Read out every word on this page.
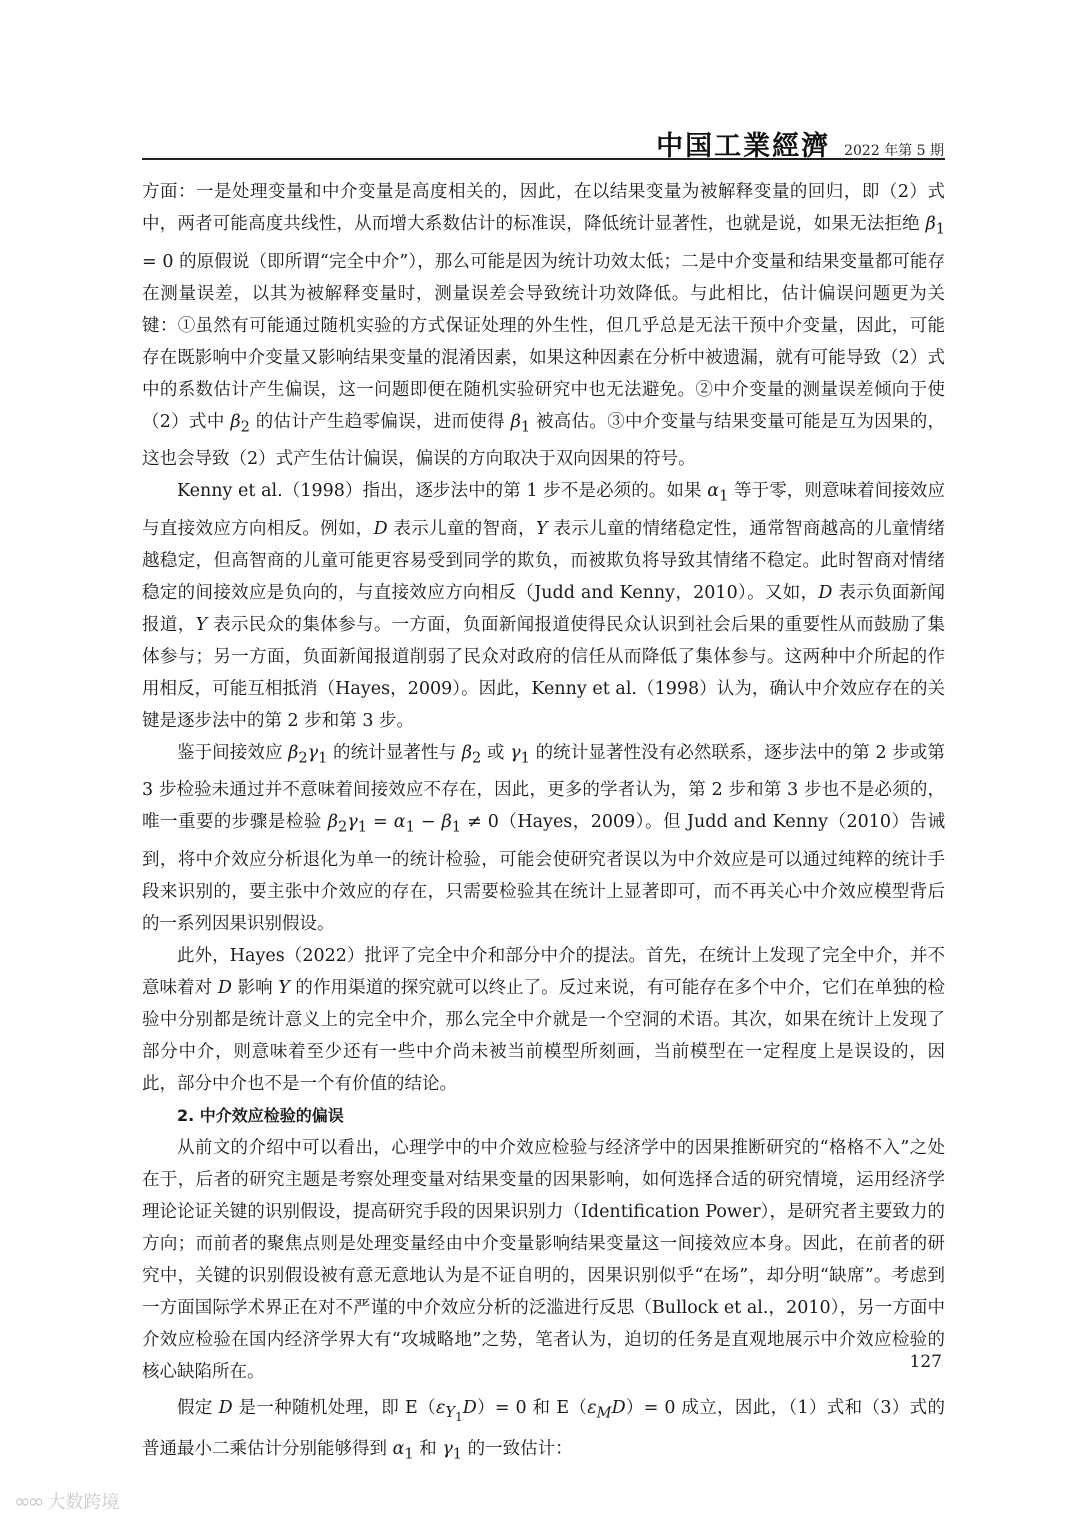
中国工業經濟 2022 年第 5 期

方面：一是处理变量和中介变量是高度相关的，因此，在以结果变量为被解释变量的回归，即（2）式中，两者可能高度共线性，从而增大系数估计的标准误，降低统计显著性，也就是说，如果无法拒绝 $\beta_1 = 0$ 的原假说（即所谓“完全中介”），那么可能是因为统计功效太低；二是中介变量和结果变量都可能存在测量误差，以其为被解释变量时，测量误差会导致统计功效降低。与此相比，估计偏误问题更为关键：①虽然有可能通过随机实验的方式保证处理的外生性，但几乎总是无法干预中介变量，因此，可能存在既影响中介变量又影响结果变量的混淆因素，如果这种因素在分析中被遗漏，就有可能导致（2）式中的系数估计产生偏误，这一问题即便在随机实验研究中也无法避免。②中介变量的测量误差倾向于使（2）式中 $\beta_2$ 的估计产生趋零偏误，进而使得 $\beta_1$ 被高估。③中介变量与结果变量可能是互为因果的，这也会导致（2）式产生估计偏误，偏误的方向取决于双向因果的符号。

Kenny et al.（1998）指出，逐步法中的第 1 步不是必须的。如果 $\alpha_1$ 等于零，则意味着间接效应与直接效应方向相反。例如，D 表示儿童的智商，Y 表示儿童的情绪稳定性，通常智商越高的儿童情绪越稳定，但高智商的儿童可能更容易受到同学的欺负，而被欺负将导致其情绪不稳定。此时智商对情绪稳定的间接效应是负向的，与直接效应方向相反（Judd and Kenny，2010）。又如，D 表示负面新闻报道，Y 表示民众的集体参与。一方面，负面新闻报道使得民众认识到社会后果的重要性从而鼓励了集体参与；另一方面，负面新闻报道削弱了民众对政府的信任从而降低了集体参与。这两种中介所起的作用相反，可能互相抵消（Hayes，2009）。因此，Kenny et al.（1998）认为，确认中介效应存在的关键是逐步法中的第 2 步和第 3 步。

鉴于间接效应 $\beta_2\gamma_1$ 的统计显著性与 $\beta_2$ 或 $\gamma_1$ 的统计显著性没有必然联系，逐步法中的第 2 步或第 3 步检验未通过并不意味着间接效应不存在，因此，更多的学者认为，第 2 步和第 3 步也不是必须的，唯一重要的步骤是检验 $\beta_2\gamma_1 = \alpha_1 - \beta_1$ ≠ 0（Hayes，2009）。但 Judd and Kenny（2010）告诫到，将中介效应分析退化为单一的统计检验，可能会使研究者误以为中介效应是可以通过纯粹的统计手段来识别的，要主张中介效应的存在，只需要检验其在统计上显著即可，而不再关心中介效应模型背后的一系列因果识别假设。

此外，Hayes（2022）批评了完全中介和部分中介的提法。首先，在统计上发现了完全中介，并不意味着对 D 影响 Y 的作用渠道的探究就可以终止了。反过来说，有可能存在多个中介，它们在单独的检验中分别都是统计意义上的完全中介，那么完全中介就是一个空洞的术语。其次，如果在统计上发现了部分中介，则意味着至少还有一些中介尚未被当前模型所刻画，当前模型在一定程度上是误设的，因此，部分中介也不是一个有价值的结论。

2. 中介效应检验的偏误

从前文的介绍中可以看出，心理学中的中介效应检验与经济学中的因果推断研究的“格格不入”之处在于，后者的研究主题是考察处理变量对结果变量的因果影响，如何选择合适的研究情境，运用经济学理论论证关键的识别假设，提高研究手段的因果识别力（Identification Power），是研究者主要致力的方向；而前者的聚焦点则是处理变量经由中介变量影响结果变量这一间接效应本身。因此，在前者的研究中，关键的识别假设被有意无意地认为是不证自明的，因果识别似乎“在场”，却分明“缺席”。考虑到一方面国际学术界正在对不严谨的中介效应分析的泛滥进行反思（Bullock et al.，2010），另一方面中介效应检验在国内经济学界大有“攻城略地”之势，笔者认为，迫切的任务是直观地展示中介效应检验的核心缺陷所在。

假定 D 是一种随机处理，即 $E(\varepsilon_{Y_1}D)= 0$ 和 $E(\varepsilon_MD)= 0$ 成立，因此，（1）式和（3）式的普通最小二乘估计分别能够得到 $\alpha_1$ 和 $\gamma_1$ 的一致估计：

127
∞∞ 大数跨境
